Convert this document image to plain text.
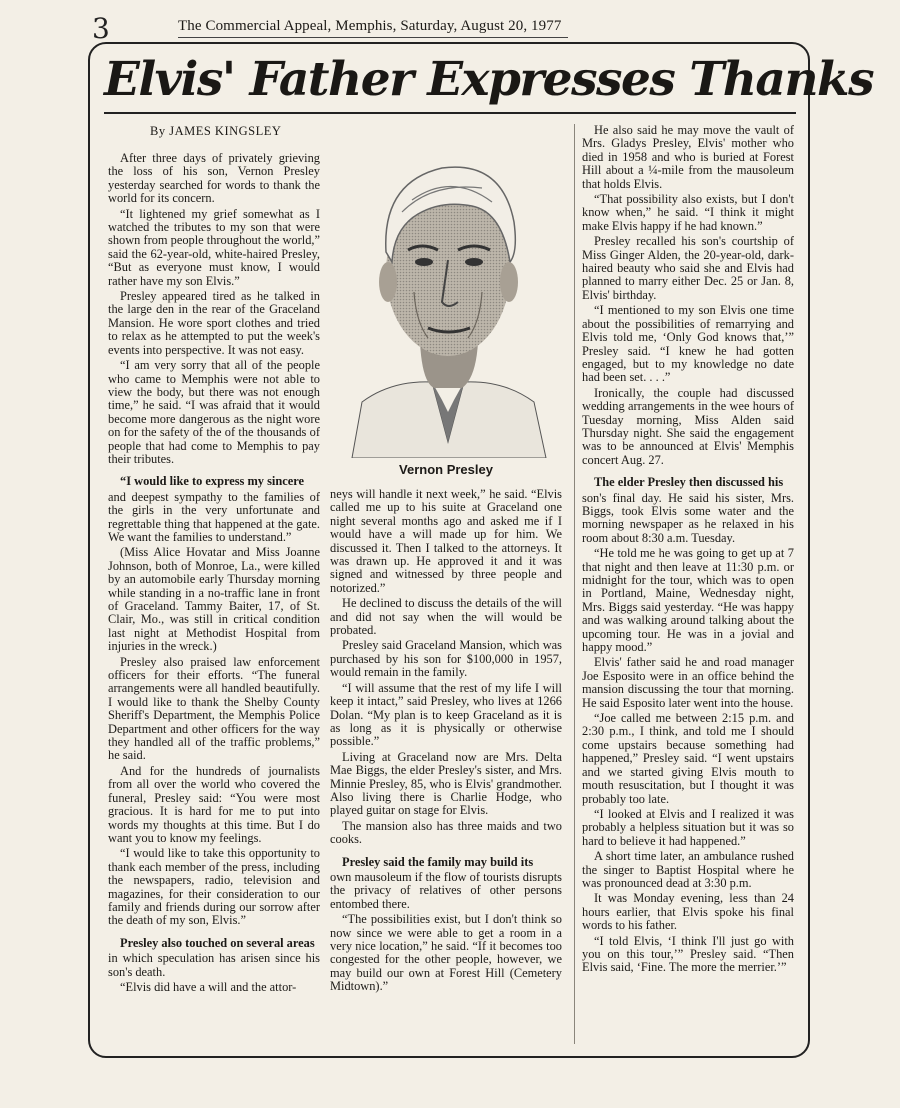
3	The Commercial Appeal, Memphis, Saturday, August 20, 1977
Elvis' Father Expresses Thanks
By JAMES KINGSLEY
Vernon Presley

After three days of privately grieving the loss of his son, Vernon Presley yesterday searched for words to thank the world for its concern.

“It lightened my grief somewhat as I watched the tributes to my son that were shown from people throughout the world,” said the 62-year-old, white-haired Presley, “But as everyone must know, I would rather have my son Elvis.”

Presley appeared tired as he talked in the large den in the rear of the Graceland Mansion. He wore sport clothes and tried to relax as he attempted to put the week's events into perspective. It was not easy.

“I am very sorry that all of the people who came to Memphis were not able to view the body, but there was not enough time,” he said. “I was afraid that it would become more dangerous as the night wore on for the safety of the of the thousands of people that had come to Memphis to pay their tributes.

“I would like to express my sincere

and deepest sympathy to the families of the girls in the very unfortunate and regrettable thing that happened at the gate. We want the families to understand.”

(Miss Alice Hovatar and Miss Joanne Johnson, both of Monroe, La., were killed by an automobile early Thursday morning while standing in a no-traffic lane in front of Graceland. Tammy Baiter, 17, of St. Clair, Mo., was still in critical condition last night at Methodist Hospital from injuries in the wreck.)

Presley also praised law enforcement officers for their efforts. “The funeral arrangements were all handled beautifully. I would like to thank the Shelby County Sheriff's Department, the Memphis Police Department and other officers for the way they handled all of the traffic problems,” he said.

And for the hundreds of journalists from all over the world who covered the funeral, Presley said: “You were most gracious. It is hard for me to put into words my thoughts at this time. But I do want you to know my feelings.

“I would like to take this opportunity to thank each member of the press, including the newspapers, radio, television and magazines, for their consideration to our family and friends during our sorrow after the death of my son, Elvis.”

Presley also touched on several areas

in which speculation has arisen since his son's death.

“Elvis did have a will and the attor-

neys will handle it next week,” he said. “Elvis called me up to his suite at Graceland one night several months ago and asked me if I would have a will made up for him. We discussed it. Then I talked to the attorneys. It was drawn up. He approved it and it was signed and witnessed by three people and notorized.”

He declined to discuss the details of the will and did not say when the will would be probated.

Presley said Graceland Mansion, which was purchased by his son for $100,000 in 1957, would remain in the family.

“I will assume that the rest of my life I will keep it intact,” said Presley, who lives at 1266 Dolan. “My plan is to keep Graceland as it is as long as it is physically or otherwise possible.”

Living at Graceland now are Mrs. Delta Mae Biggs, the elder Presley's sister, and Mrs. Minnie Presley, 85, who is Elvis' grandmother. Also living there is Charlie Hodge, who played guitar on stage for Elvis.

The mansion also has three maids and two cooks.

Presley said the family may build its

own mausoleum if the flow of tourists disrupts the privacy of relatives of other persons entombed there.

“The possibilities exist, but I don't think so now since we were able to get a room in a very nice location,” he said. “If it becomes too congested for the other people, however, we may build our own at Forest Hill (Cemetery Midtown).”

He also said he may move the vault of Mrs. Gladys Presley, Elvis' mother who died in 1958 and who is buried at Forest Hill about a ¼-mile from the mausoleum that holds Elvis.

“That possibility also exists, but I don't know when,” he said. “I think it might make Elvis happy if he had known.”

Presley recalled his son's courtship of Miss Ginger Alden, the 20-year-old, dark-haired beauty who said she and Elvis had planned to marry either Dec. 25 or Jan. 8, Elvis' birthday.

“I mentioned to my son Elvis one time about the possibilities of remarrying and Elvis told me, ‘Only God knows that,’” Presley said. “I knew he had gotten engaged, but to my knowledge no date had been set. . . .”

Ironically, the couple had discussed wedding arrangements in the wee hours of Tuesday morning, Miss Alden said Thursday night. She said the engagement was to be announced at Elvis' Memphis concert Aug. 27.

The elder Presley then discussed his

son's final day. He said his sister, Mrs. Biggs, took Elvis some water and the morning newspaper as he relaxed in his room about 8:30 a.m. Tuesday.

“He told me he was going to get up at 7 that night and then leave at 11:30 p.m. or midnight for the tour, which was to open in Portland, Maine, Wednesday night, Mrs. Biggs said yesterday. “He was happy and was walking around talking about the upcoming tour. He was in a jovial and happy mood.”

Elvis' father said he and road manager Joe Esposito were in an office behind the mansion discussing the tour that morning. He said Esposito later went into the house.

“Joe called me between 2:15 p.m. and 2:30 p.m., I think, and told me I should come upstairs because something had happened,” Presley said. “I went upstairs and we started giving Elvis mouth to mouth resuscitation, but I thought it was probably too late.

“I looked at Elvis and I realized it was probably a helpless situation but it was so hard to believe it had happened.”

A short time later, an ambulance rushed the singer to Baptist Hospital where he was pronounced dead at 3:30 p.m.

It was Monday evening, less than 24 hours earlier, that Elvis spoke his final words to his father.

“I told Elvis, ‘I think I'll just go with you on this tour,’” Presley said. “Then Elvis said, ‘Fine. The more the merrier.’”
